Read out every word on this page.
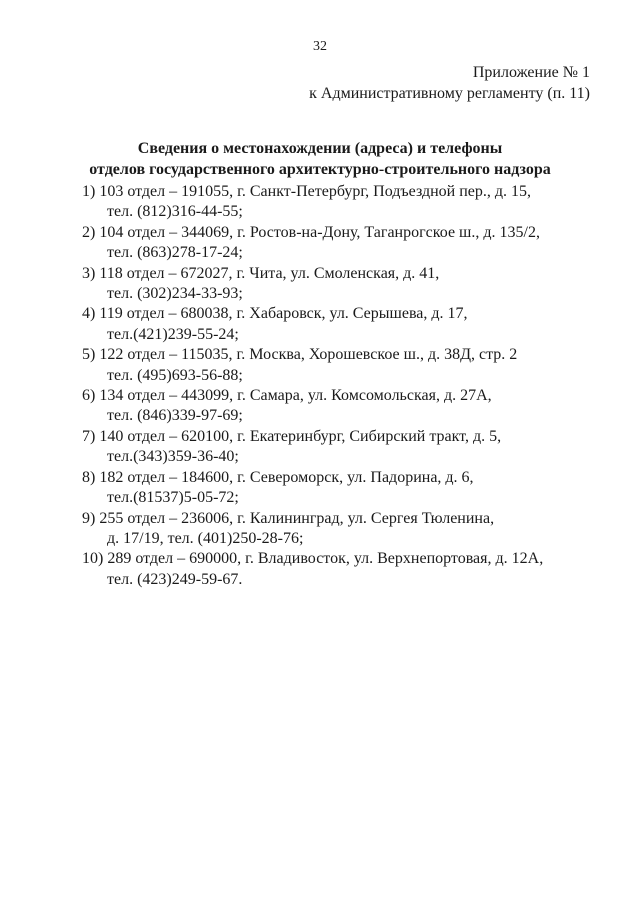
32
Приложение № 1
к Административному регламенту (п. 11)
Сведения о местонахождении (адреса) и телефоны
отделов государственного архитектурно-строительного надзора
1) 103 отдел – 191055, г. Санкт-Петербург, Подъездной пер., д. 15,
тел. (812)316-44-55;
2) 104 отдел – 344069, г. Ростов-на-Дону, Таганрогское ш., д. 135/2,
тел. (863)278-17-24;
3) 118 отдел – 672027, г. Чита, ул. Смоленская, д. 41,
тел. (302)234-33-93;
4) 119 отдел – 680038, г. Хабаровск, ул. Серышева, д. 17,
тел.(421)239-55-24;
5) 122 отдел – 115035, г. Москва, Хорошевское ш., д. 38Д, стр. 2
тел. (495)693-56-88;
6) 134 отдел – 443099, г. Самара, ул. Комсомольская, д. 27А,
тел. (846)339-97-69;
7) 140 отдел – 620100, г. Екатеринбург, Сибирский тракт, д. 5,
тел.(343)359-36-40;
8) 182 отдел – 184600, г. Североморск, ул. Падорина, д. 6,
тел.(81537)5-05-72;
9) 255 отдел – 236006, г. Калининград, ул. Сергея Тюленина,
д. 17/19, тел. (401)250-28-76;
10) 289 отдел – 690000, г. Владивосток, ул. Верхнепортовая, д. 12А,
тел. (423)249-59-67.
